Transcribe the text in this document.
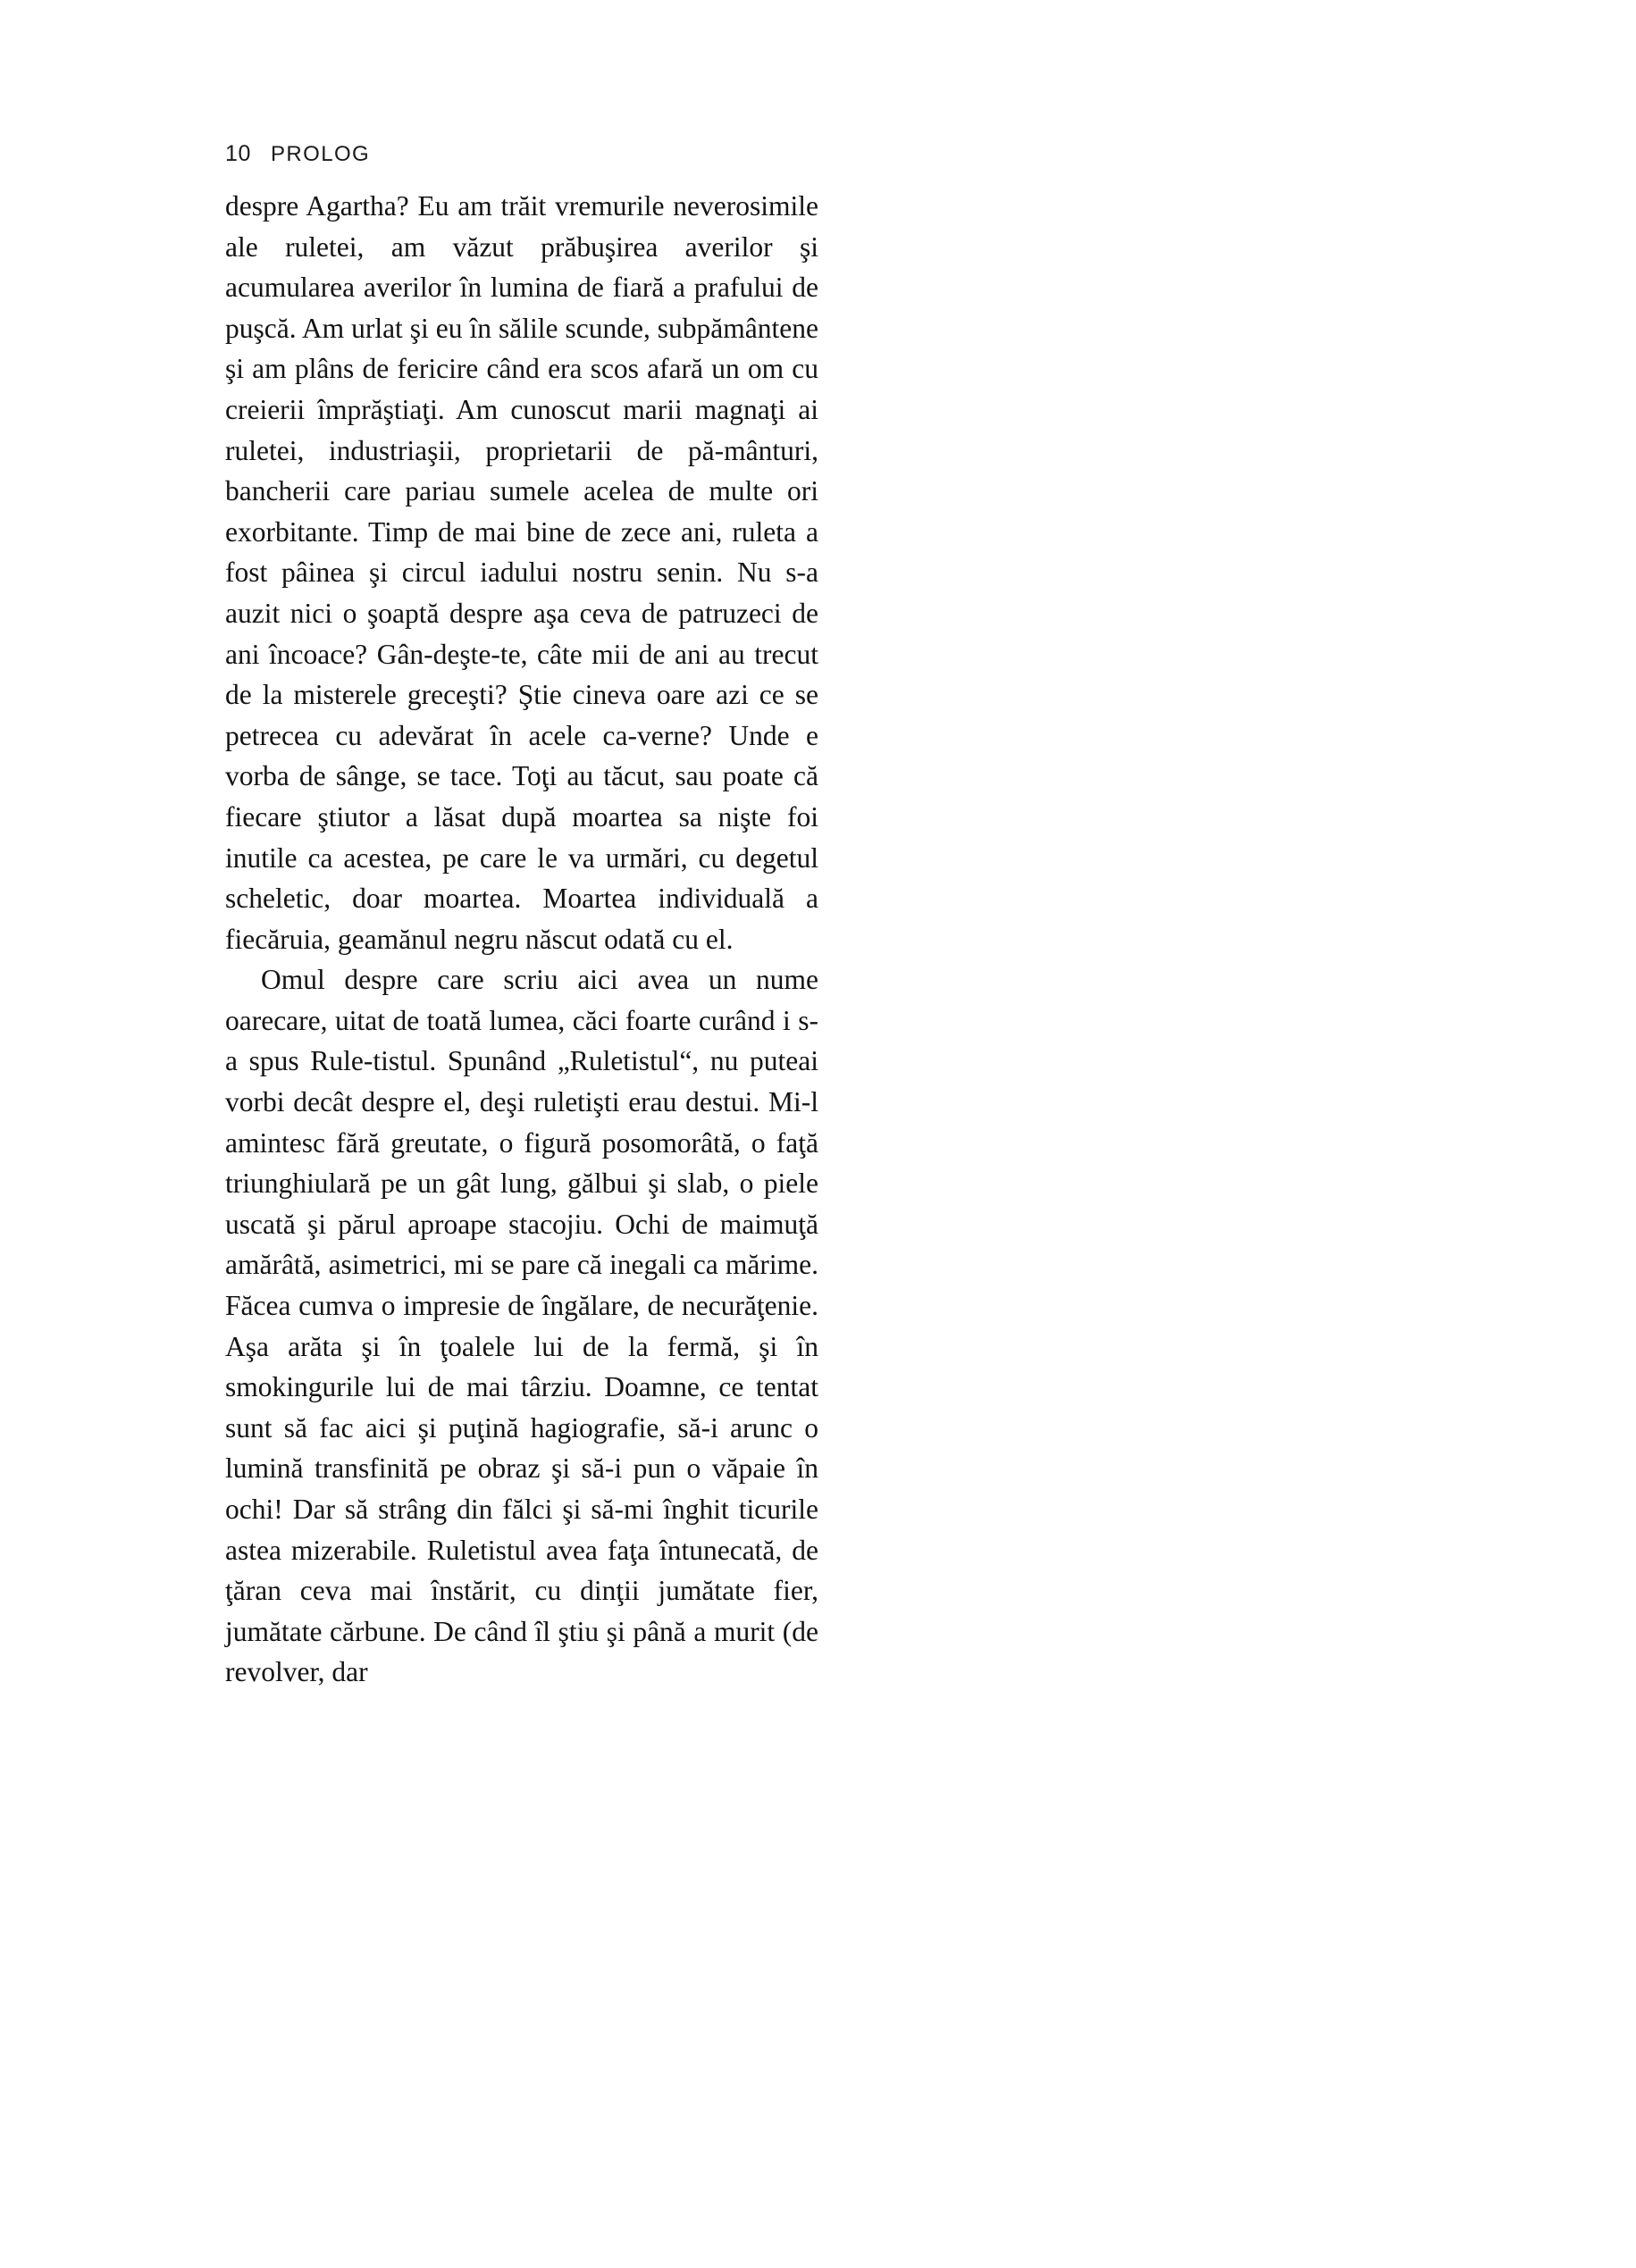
10 PROLOG

despre Agartha? Eu am trăit vremurile neverosimile ale ruletei, am văzut prăbuşirea averilor şi acumularea averilor în lumina de fiară a prafului de puşcă. Am urlat şi eu în sălile scunde, subpământene şi am plâns de fericire când era scos afară un om cu creierii împrăştiaţi. Am cunoscut marii magnaţi ai ruletei, industriaşii, proprietarii de pă-mânturi, bancherii care pariau sumele acelea de multe ori exorbitante. Timp de mai bine de zece ani, ruleta a fost pâinea şi circul iadului nostru senin. Nu s-a auzit nici o şoaptă despre aşa ceva de patruzeci de ani încoace? Gân-deşte-te, câte mii de ani au trecut de la misterele greceşti? Ştie cineva oare azi ce se petrecea cu adevărat în acele ca-verne? Unde e vorba de sânge, se tace. Toţi au tăcut, sau poate că fiecare ştiutor a lăsat după moartea sa nişte foi inutile ca acestea, pe care le va urmări, cu degetul scheletic, doar moartea. Moartea individuală a fiecăruia, geamănul negru născut odată cu el.

Omul despre care scriu aici avea un nume oarecare, uitat de toată lumea, căci foarte curând i s-a spus Rule-tistul. Spunând „Ruletistul“, nu puteai vorbi decât despre el, deşi ruletişti erau destui. Mi-l amintesc fără greutate, o figură posomorâtă, o faţă triunghiulară pe un gât lung, gălbui şi slab, o piele uscată şi părul aproape stacojiu. Ochi de maimuţă amărâtă, asimetrici, mi se pare că inegali ca mărime. Făcea cumva o impresie de îngălare, de necurăţenie. Aşa arăta şi în ţoalele lui de la fermă, şi în smokingurile lui de mai târziu. Doamne, ce tentat sunt să fac aici şi puţină hagiografie, să-i arunc o lumină transfinită pe obraz şi să-i pun o văpaie în ochi! Dar să strâng din fălci şi să-mi înghit ticurile astea mizerabile. Ruletistul avea faţa întunecată, de ţăran ceva mai înstărit, cu dinţii jumătate fier, jumătate cărbune. De când îl ştiu şi până a murit (de revolver, dar
